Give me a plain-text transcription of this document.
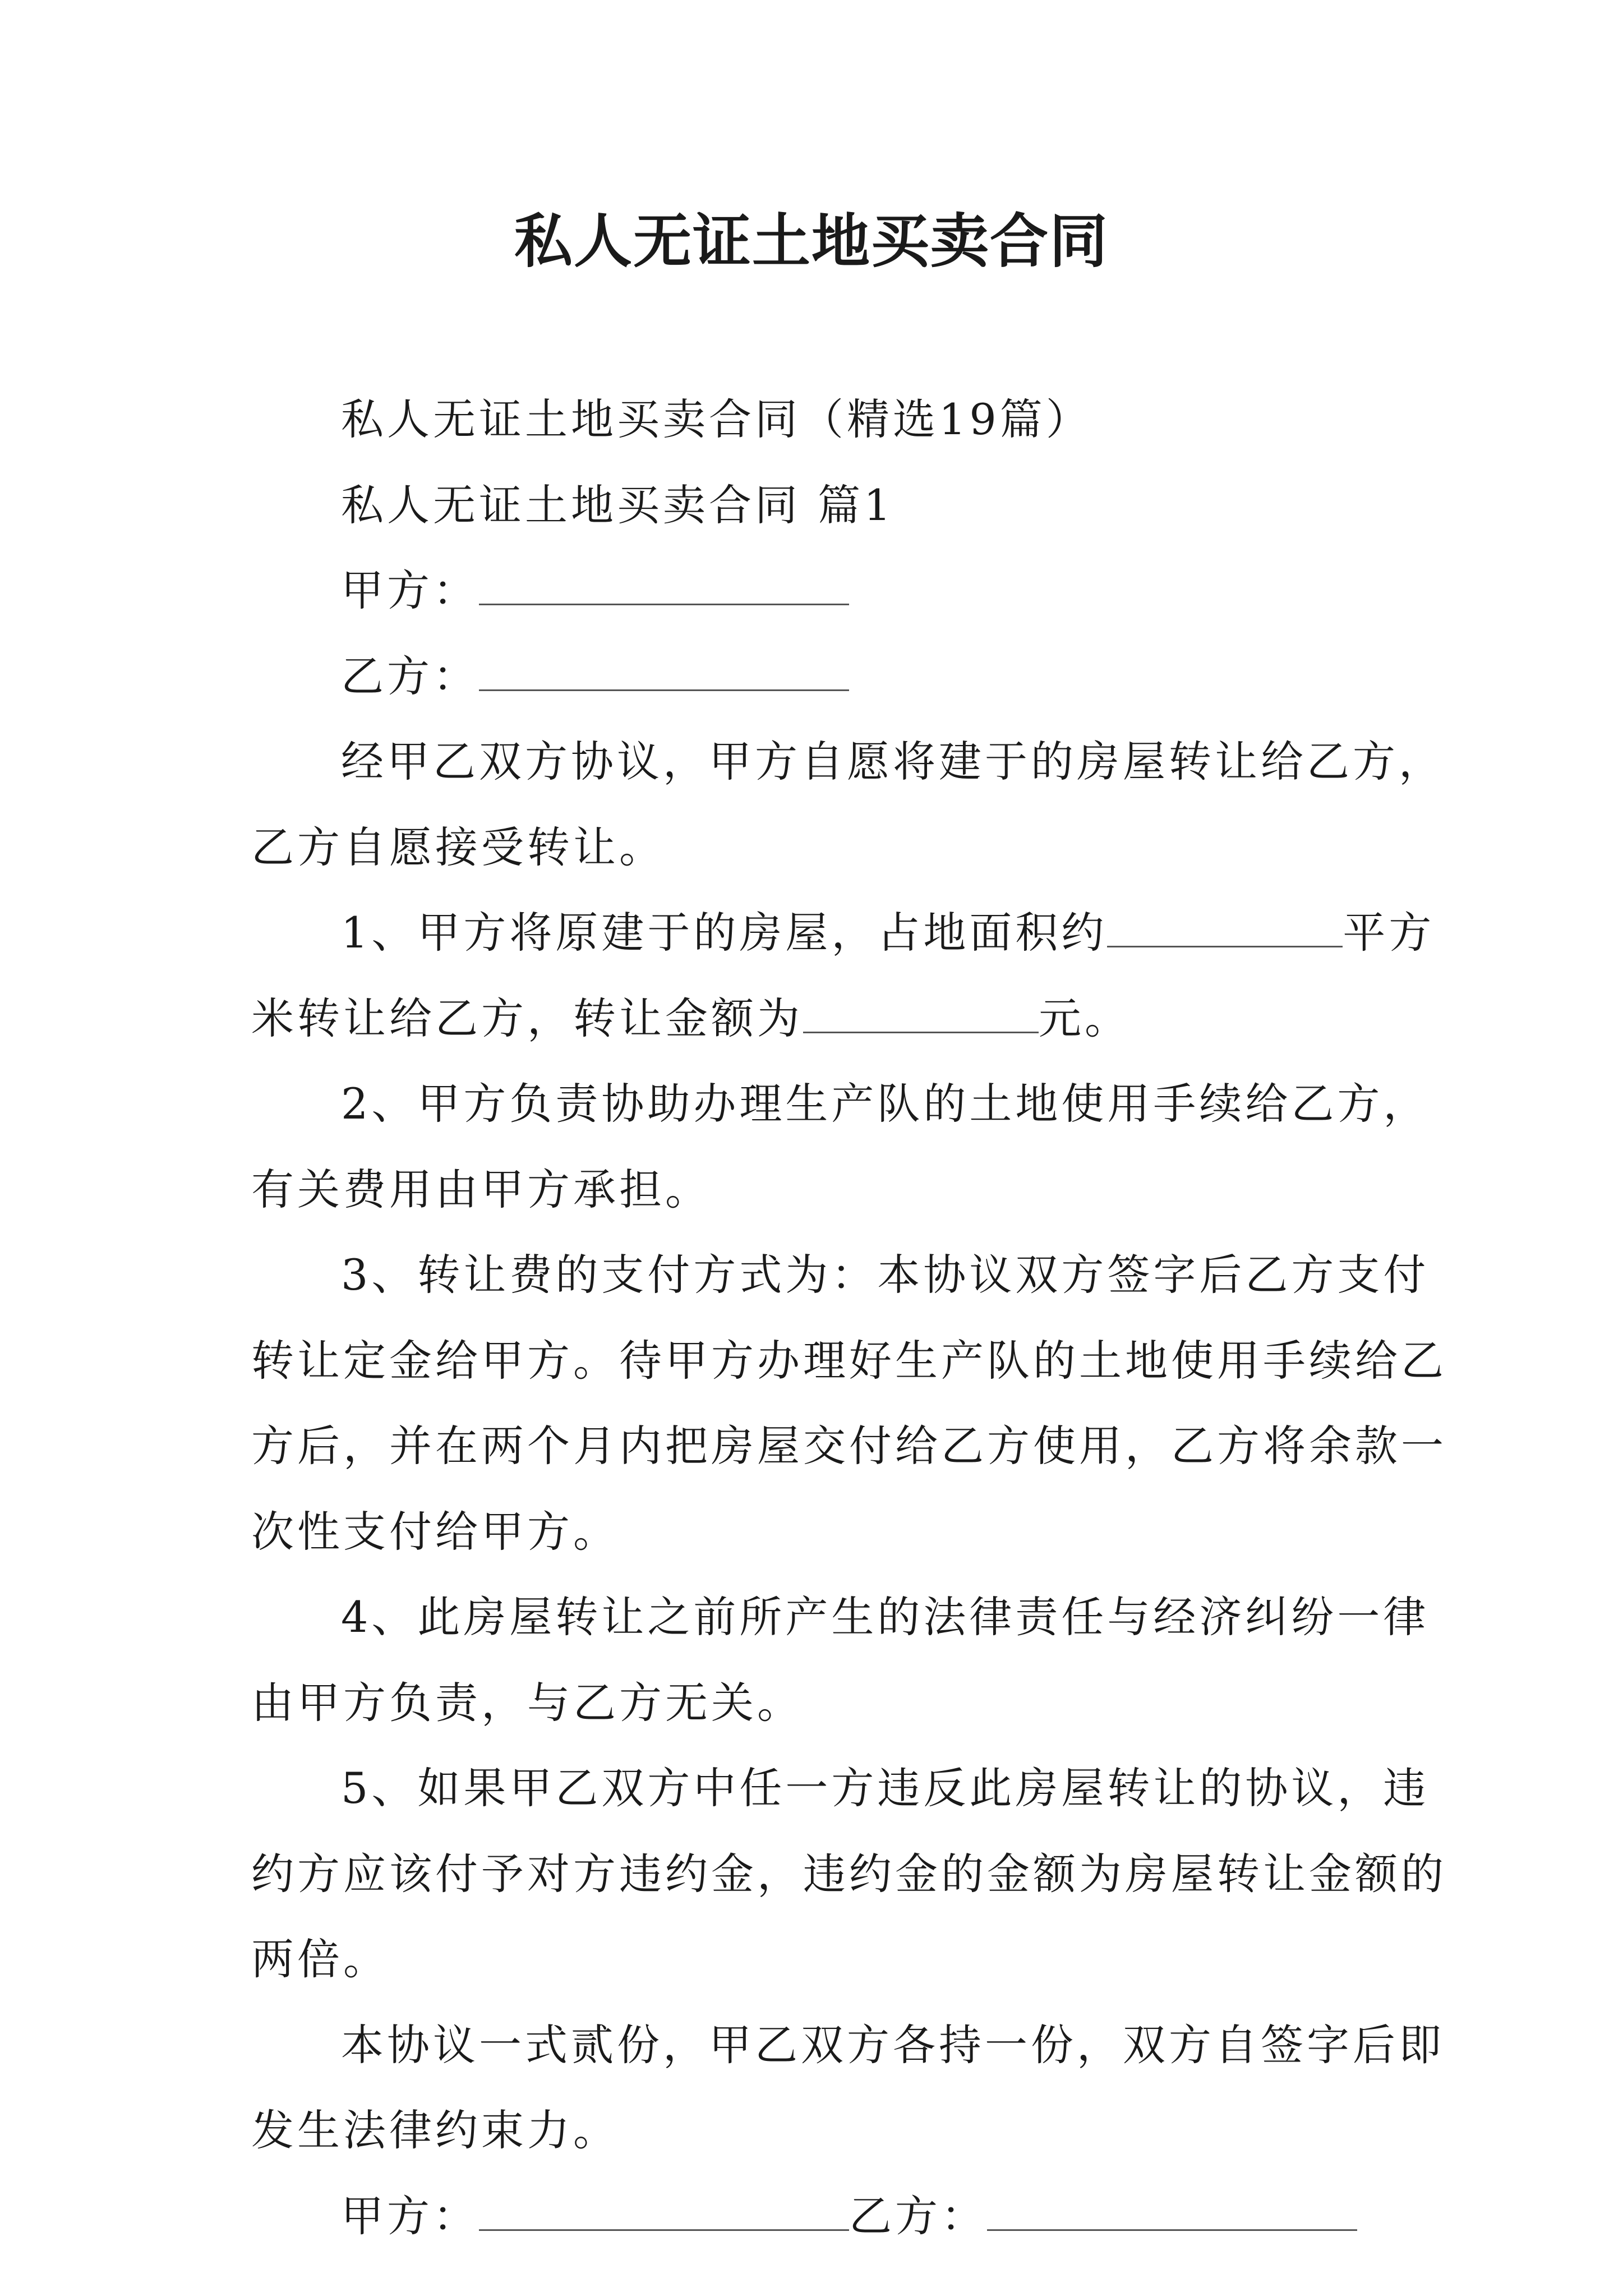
私人无证土地买卖合同

私人无证土地买卖合同（精选19篇）

私人无证土地买卖合同 篇1

甲方：

乙方：

经甲乙双方协议，甲方自愿将建于的房屋转让给乙方，

乙方自愿接受转让。

1、甲方将原建于的房屋，占地面积约	平方

米转让给乙方，转让金额为	元。

2、甲方负责协助办理生产队的土地使用手续给乙方，

有关费用由甲方承担。

3、转让费的支付方式为：本协议双方签字后乙方支付

转让定金给甲方。待甲方办理好生产队的土地使用手续给乙

方后，并在两个月内把房屋交付给乙方使用，乙方将余款一

次性支付给甲方。

4、此房屋转让之前所产生的法律责任与经济纠纷一律

由甲方负责，与乙方无关。

5、如果甲乙双方中任一方违反此房屋转让的协议，违

约方应该付予对方违约金，违约金的金额为房屋转让金额的

两倍。

本协议一式贰份，甲乙双方各持一份，双方自签字后即

发生法律约束力。

甲方：	乙方：
